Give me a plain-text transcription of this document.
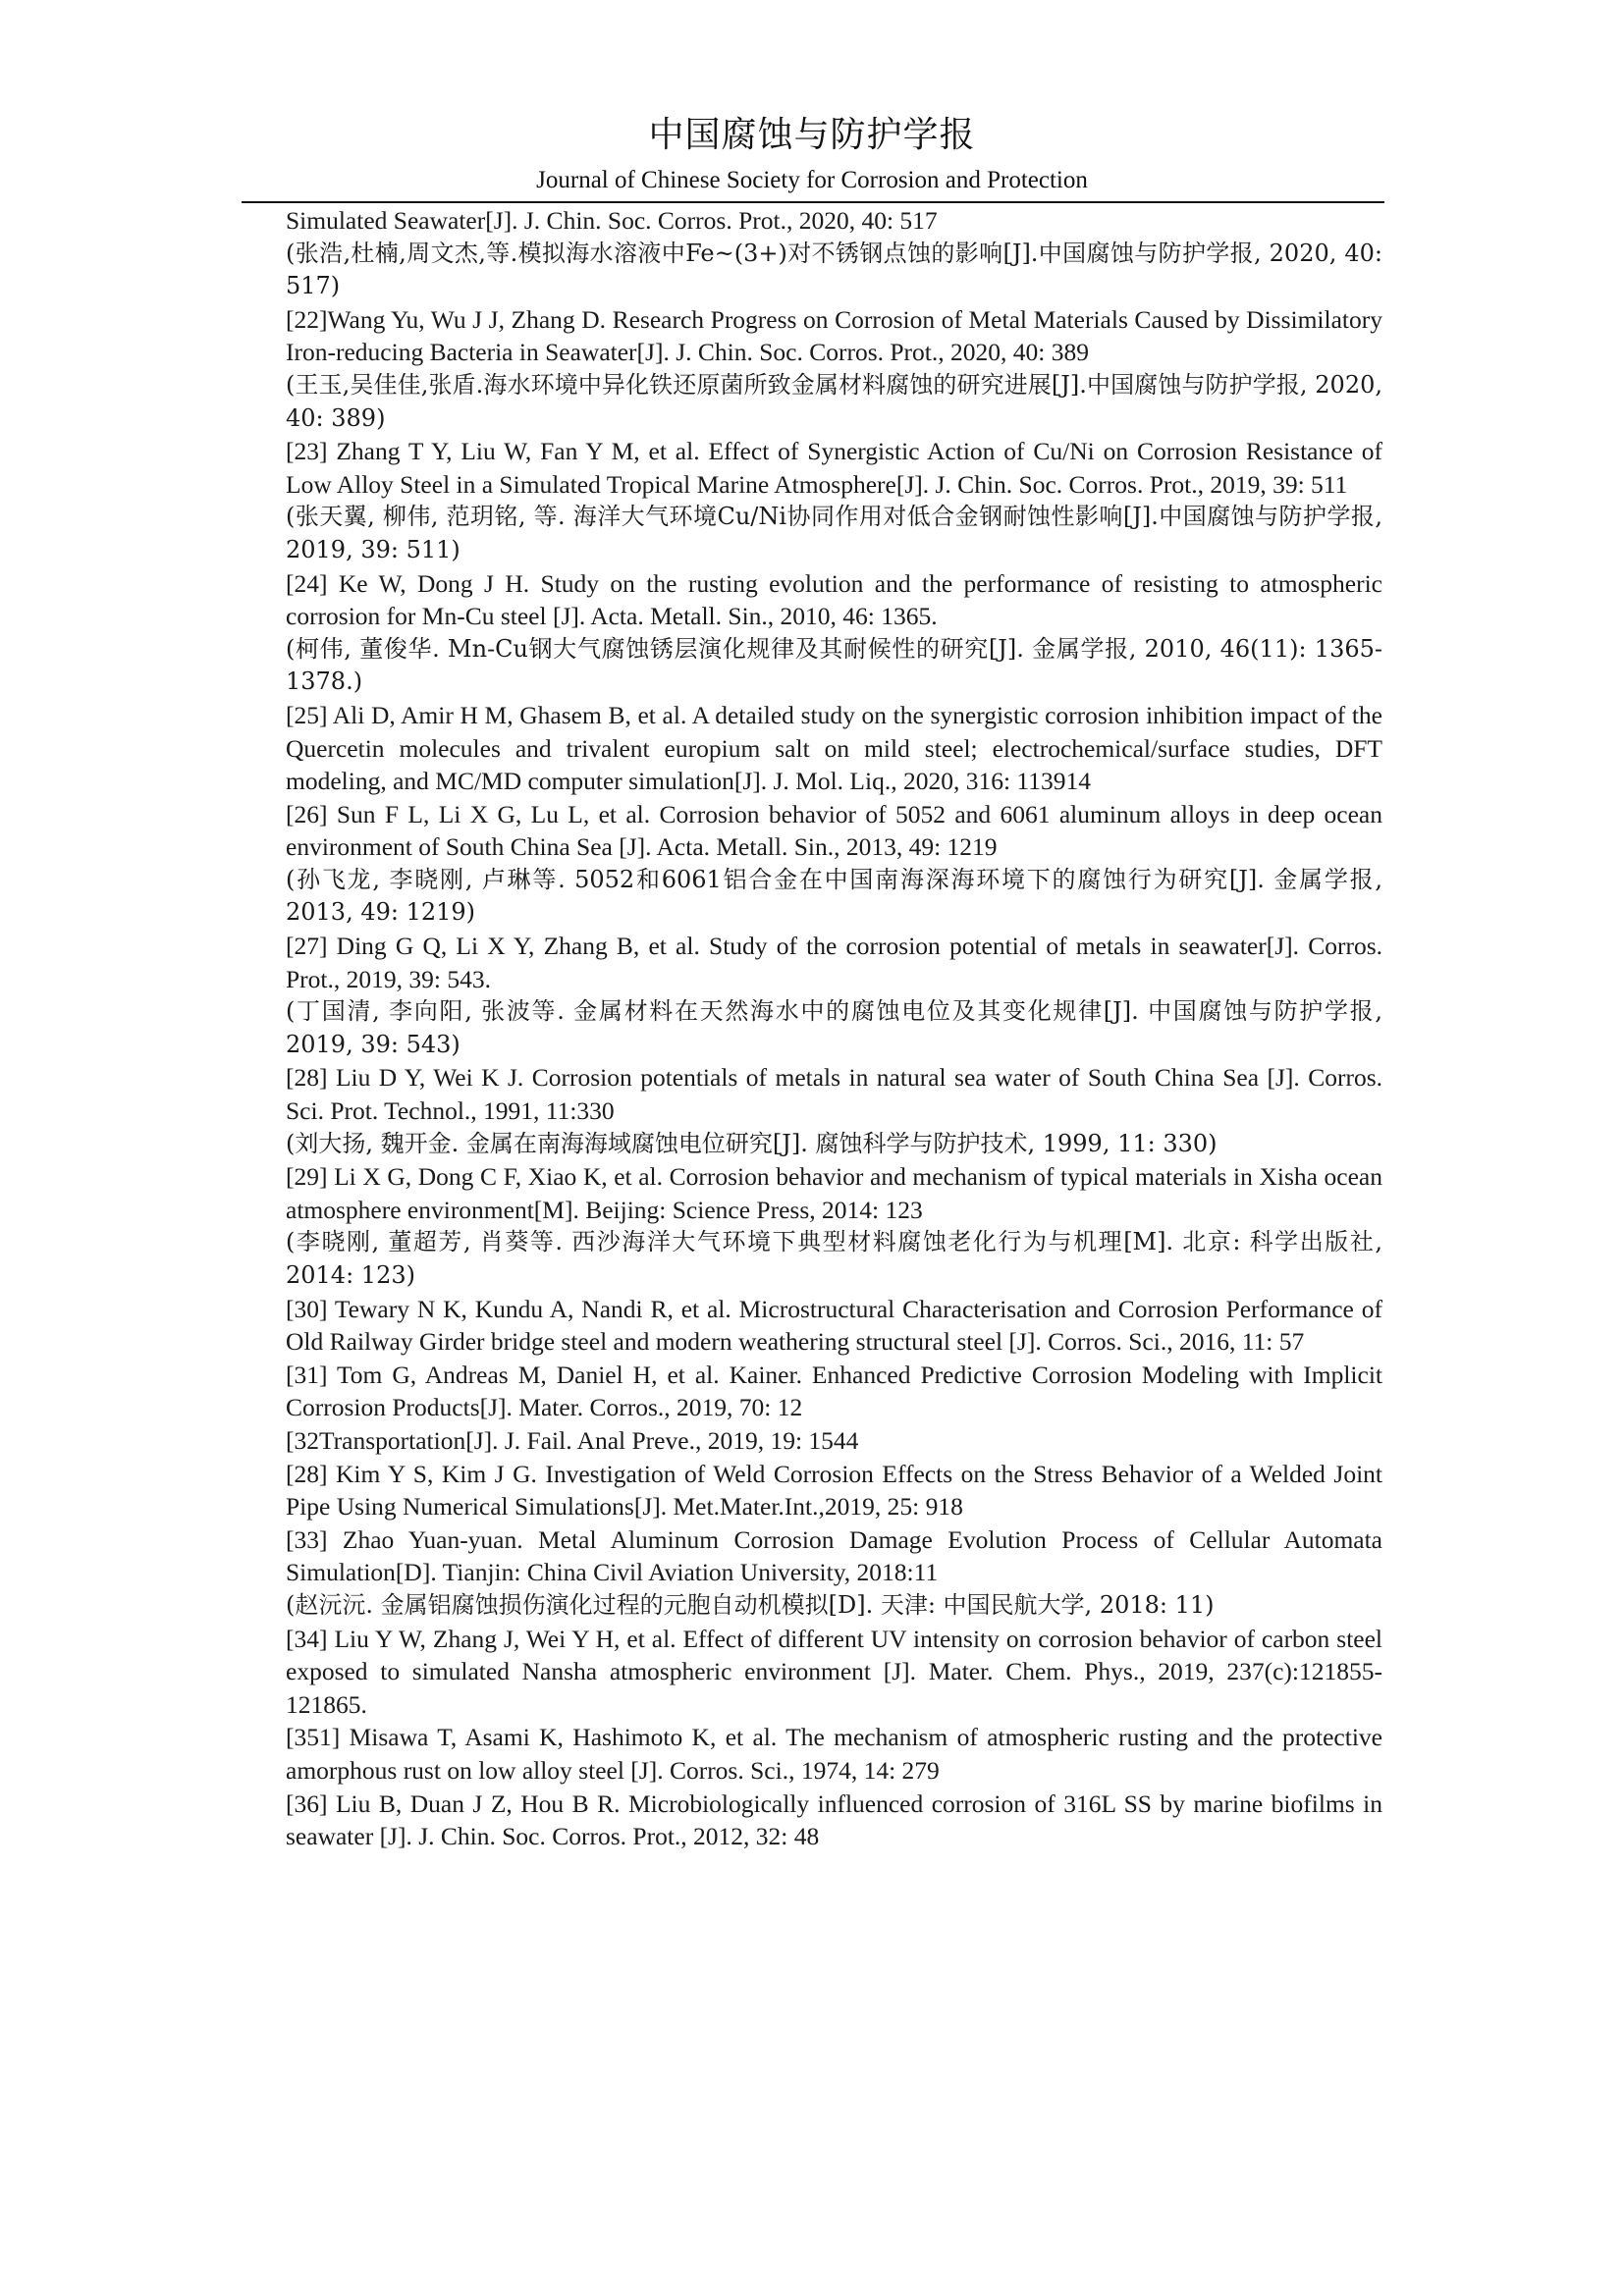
中国腐蚀与防护学报
Journal of Chinese Society for Corrosion and Protection

Simulated Seawater[J]. J. Chin. Soc. Corros. Prot., 2020, 40: 517

(张浩,杜楠,周文杰,等.模拟海水溶液中Fe~(3+)对不锈钢点蚀的影响[J].中国腐蚀与防护学报, 2020, 40: 517)

[22]Wang Yu, Wu J J, Zhang D. Research Progress on Corrosion of Metal Materials Caused by Dissimilatory Iron-reducing Bacteria in Seawater[J]. J. Chin. Soc. Corros. Prot., 2020, 40: 389

(王玉,吴佳佳,张盾.海水环境中异化铁还原菌所致金属材料腐蚀的研究进展[J].中国腐蚀与防护学报, 2020, 40: 389)

[23] Zhang T Y, Liu W, Fan Y M, et al. Effect of Synergistic Action of Cu/Ni on Corrosion Resistance of Low Alloy Steel in a Simulated Tropical Marine Atmosphere[J]. J. Chin. Soc. Corros. Prot., 2019, 39: 511

(张天翼, 柳伟, 范玥铭, 等. 海洋大气环境Cu/Ni协同作用对低合金钢耐蚀性影响[J].中国腐蚀与防护学报, 2019, 39: 511)

[24] Ke W, Dong J H. Study on the rusting evolution and the performance of resisting to atmospheric corrosion for Mn-Cu steel [J]. Acta. Metall. Sin., 2010, 46: 1365.

(柯伟, 董俊华. Mn-Cu钢大气腐蚀锈层演化规律及其耐候性的研究[J]. 金属学报, 2010, 46(11): 1365-1378.)

[25] Ali D, Amir H M, Ghasem B, et al. A detailed study on the synergistic corrosion inhibition impact of the Quercetin molecules and trivalent europium salt on mild steel; electrochemical/surface studies, DFT modeling, and MC/MD computer simulation[J]. J. Mol. Liq., 2020, 316: 113914

[26] Sun F L, Li X G, Lu L, et al. Corrosion behavior of 5052 and 6061 aluminum alloys in deep ocean environment of South China Sea [J]. Acta. Metall. Sin., 2013, 49: 1219

(孙飞龙, 李晓刚, 卢琳等. 5052和6061铝合金在中国南海深海环境下的腐蚀行为研究[J]. 金属学报, 2013, 49: 1219)

[27] Ding G Q, Li X Y, Zhang B, et al. Study of the corrosion potential of metals in seawater[J]. Corros. Prot., 2019, 39: 543.

(丁国清, 李向阳, 张波等. 金属材料在天然海水中的腐蚀电位及其变化规律[J]. 中国腐蚀与防护学报, 2019, 39: 543)

[28] Liu D Y, Wei K J. Corrosion potentials of metals in natural sea water of South China Sea [J]. Corros. Sci. Prot. Technol., 1991, 11:330

(刘大扬, 魏开金. 金属在南海海域腐蚀电位研究[J]. 腐蚀科学与防护技术, 1999, 11: 330)

[29] Li X G, Dong C F, Xiao K, et al. Corrosion behavior and mechanism of typical materials in Xisha ocean atmosphere environment[M]. Beijing: Science Press, 2014: 123

(李晓刚, 董超芳, 肖葵等. 西沙海洋大气环境下典型材料腐蚀老化行为与机理[M]. 北京: 科学出版社, 2014: 123)

[30] Tewary N K, Kundu A, Nandi R, et al. Microstructural Characterisation and Corrosion Performance of Old Railway Girder bridge steel and modern weathering structural steel [J]. Corros. Sci., 2016, 11: 57

[31] Tom G, Andreas M, Daniel H, et al. Kainer. Enhanced Predictive Corrosion Modeling with Implicit Corrosion Products[J]. Mater. Corros., 2019, 70: 12

[32Transportation[J]. J. Fail. Anal Preve., 2019, 19: 1544

[28] Kim Y S, Kim J G. Investigation of Weld Corrosion Effects on the Stress Behavior of a Welded Joint Pipe Using Numerical Simulations[J]. Met.Mater.Int.,2019, 25: 918

[33] Zhao Yuan-yuan. Metal Aluminum Corrosion Damage Evolution Process of Cellular Automata Simulation[D]. Tianjin: China Civil Aviation University, 2018:11

(赵沅沅. 金属铝腐蚀损伤演化过程的元胞自动机模拟[D]. 天津: 中国民航大学, 2018: 11)

[34] Liu Y W, Zhang J, Wei Y H, et al. Effect of different UV intensity on corrosion behavior of carbon steel exposed to simulated Nansha atmospheric environment [J]. Mater. Chem. Phys., 2019, 237(c):121855-121865.

[351] Misawa T, Asami K, Hashimoto K, et al. The mechanism of atmospheric rusting and the protective amorphous rust on low alloy steel [J]. Corros. Sci., 1974, 14: 279

[36] Liu B, Duan J Z, Hou B R. Microbiologically influenced corrosion of 316L SS by marine biofilms in seawater [J]. J. Chin. Soc. Corros. Prot., 2012, 32: 48
